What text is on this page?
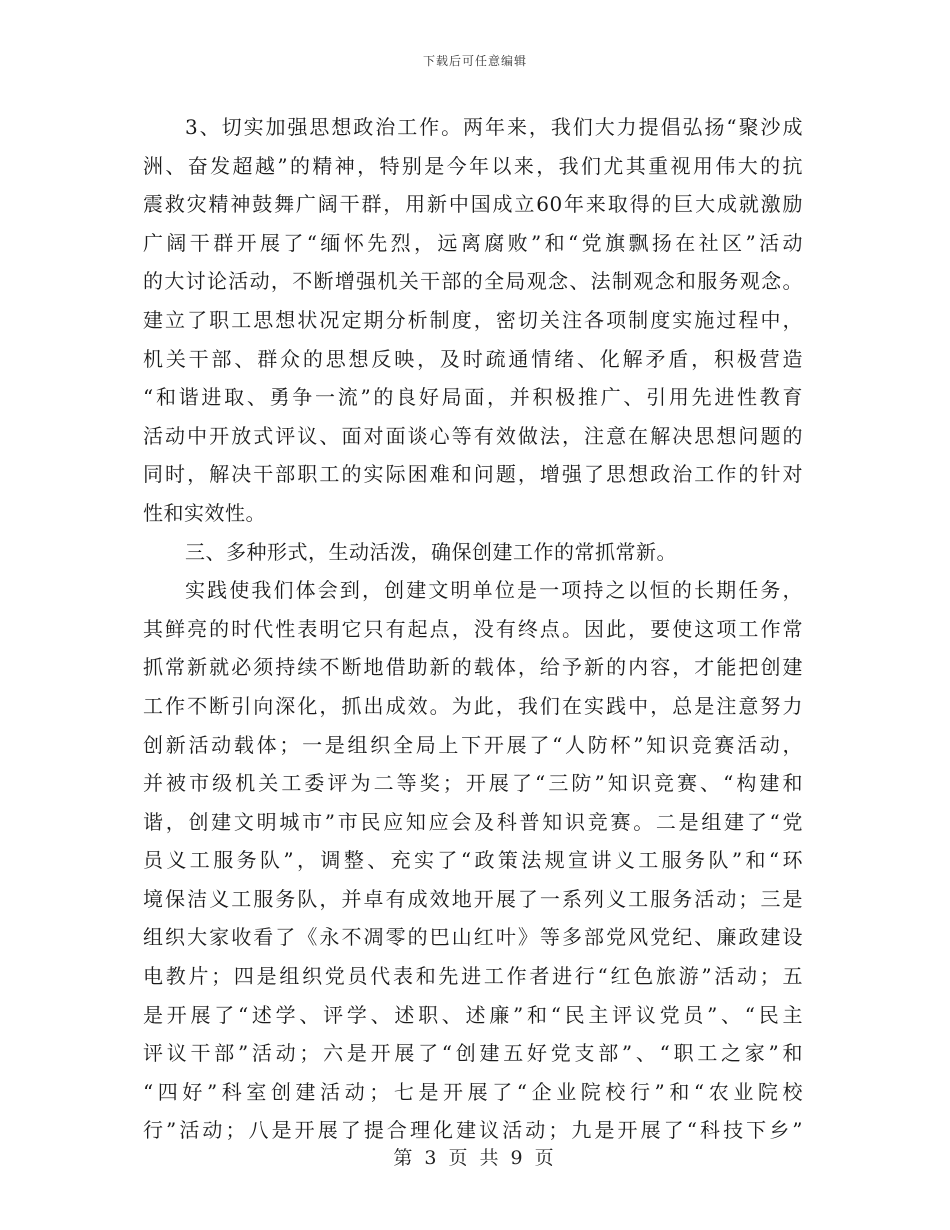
下载后可任意编辑
3、切实加强思想政治工作。两年来，我们大力提倡弘扬“聚沙成
洲、奋发超越”的精神，特别是今年以来，我们尤其重视用伟大的抗
震救灾精神鼓舞广阔干群，用新中国成立60年来取得的巨大成就激励
广阔干群开展了“缅怀先烈，远离腐败”和“党旗飘扬在社区”活动
的大讨论活动，不断增强机关干部的全局观念、法制观念和服务观念。
建立了职工思想状况定期分析制度，密切关注各项制度实施过程中，
机关干部、群众的思想反映，及时疏通情绪、化解矛盾，积极营造
“和谐进取、勇争一流”的良好局面，并积极推广、引用先进性教育
活动中开放式评议、面对面谈心等有效做法，注意在解决思想问题的
同时，解决干部职工的实际困难和问题，增强了思想政治工作的针对
性和实效性。
三、多种形式，生动活泼，确保创建工作的常抓常新。
实践使我们体会到，创建文明单位是一项持之以恒的长期任务，
其鲜亮的时代性表明它只有起点，没有终点。因此，要使这项工作常
抓常新就必须持续不断地借助新的载体，给予新的内容，才能把创建
工作不断引向深化，抓出成效。为此，我们在实践中，总是注意努力
创新活动载体；一是组织全局上下开展了“人防杯”知识竞赛活动，
并被市级机关工委评为二等奖；开展了“三防”知识竞赛、“构建和
谐，创建文明城市”市民应知应会及科普知识竞赛。二是组建了“党
员义工服务队”，调整、充实了“政策法规宣讲义工服务队”和“环
境保洁义工服务队，并卓有成效地开展了一系列义工服务活动；三是
组织大家收看了《永不凋零的巴山红叶》等多部党风党纪、廉政建设
电教片；四是组织党员代表和先进工作者进行“红色旅游”活动；五
是开展了“述学、评学、述职、述廉”和“民主评议党员”、“民主
评议干部”活动；六是开展了“创建五好党支部”、“职工之家”和
“四好”科室创建活动；七是开展了“企业院校行”和“农业院校
行”活动；八是开展了提合理化建议活动；九是开展了“科技下乡”
第 3 页 共 9 页
